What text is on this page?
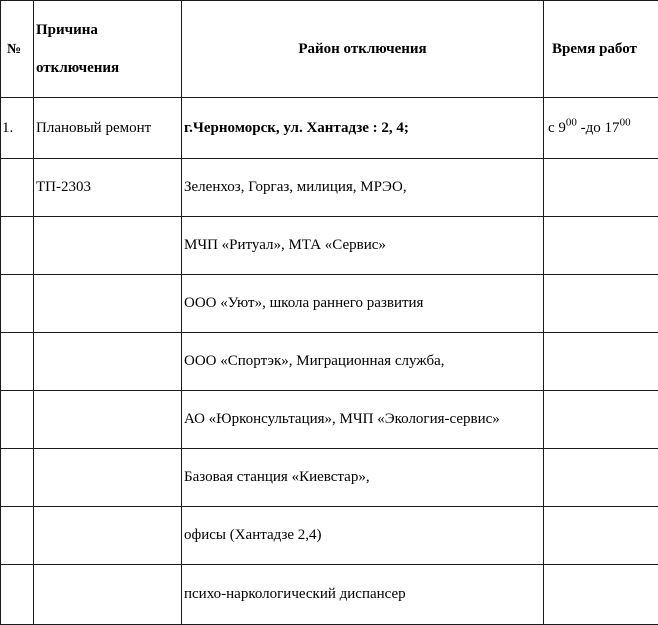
№	Причина отключения	Район отключения	Время работ

1.	Плановый ремонт	г.Черноморск, ул. Хантадзе : 2, 4;	с $9^{00}$ -до $17^{00}$

	ТП-2303	Зеленхоз, Горгаз, милиция, МРЭО,	

		МЧП «Ритуал», МТА «Сервис»	

		ООО «Уют», школа раннего развития	

		ООО «Спортэк», Миграционная служба,	

		АО «Юрконсультация», МЧП «Экология-сервис»	

		Базовая станция «Киевстар»,	

		офисы (Хантадзе 2,4)	

		психо-наркологический диспансер	
